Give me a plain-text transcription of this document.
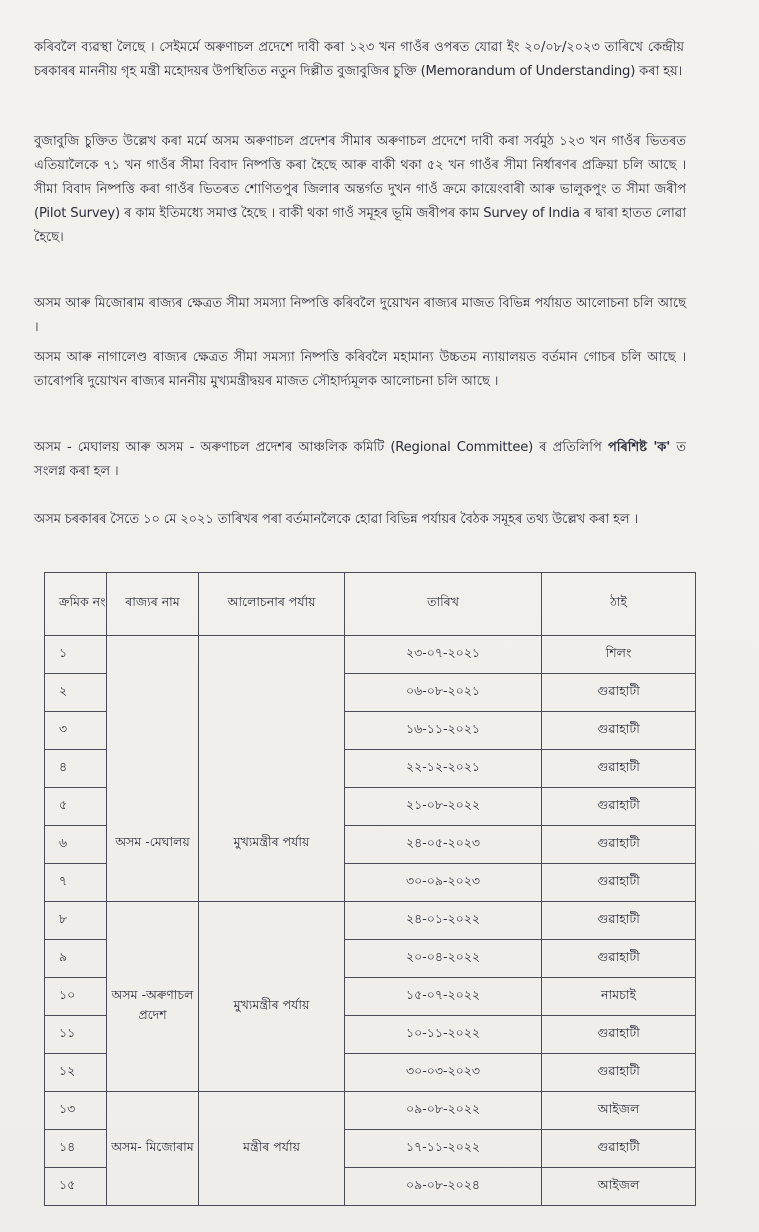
কৰিবলৈ ব্যৱস্থা লৈছে । সেইমৰ্মে অৰুণাচল প্ৰদেশে দাবী কৰা ১২৩ খন গাওঁৰ ওপৰত যোৱা ইং ২০/০৮/২০২৩ তাৰিখে কেন্দ্ৰীয় চৰকাৰৰ মাননীয় গৃহ মন্ত্ৰী মহোদয়ৰ উপস্থিতিত নতুন দিল্লীত বুজাবুজিৰ চুক্তি (Memorandum of Understanding) কৰা হয়।
বুজাবুজি চুক্তিত উল্লেখ কৰা মৰ্মে অসম অৰুণাচল প্ৰদেশৰ সীমাৰ অৰুণাচল প্ৰদেশে দাবী কৰা সৰ্বমুঠ ১২৩ খন গাওঁৰ ভিতৰত এতিয়ালৈকে ৭১ খন গাওঁৰ সীমা বিবাদ নিষ্পত্তি কৰা হৈছে আৰু বাকী থকা ৫২ খন গাওঁৰ সীমা নিৰ্ধাৰণৰ প্ৰক্ৰিয়া চলি আছে । সীমা বিবাদ নিষ্পত্তি কৰা গাওঁৰ ভিতৰত শোণিতপুৰ জিলাৰ অন্তৰ্গত দুখন গাওঁ ক্ৰমে কায়েংবাৰী আৰু ভালুকপুং ত সীমা জৰীপ (Pilot Survey) ৰ কাম ইতিমধ্যে সমাপ্ত হৈছে । বাকী থকা গাওঁ সমূহৰ ভূমি জৰীপৰ কাম Survey of India ৰ দ্বাৰা হাতত লোৱা হৈছে।
অসম আৰু মিজোৰাম ৰাজ্যৰ ক্ষেত্ৰত সীমা সমস্যা নিষ্পত্তি কৰিবলৈ দুয়োখন ৰাজ্যৰ মাজত বিভিন্ন পৰ্যায়ত আলোচনা চলি আছে ।
অসম আৰু নাগালেণ্ড ৰাজ্যৰ ক্ষেত্ৰত সীমা সমস্যা নিষ্পত্তি কৰিবলৈ মহামান্য উচ্চতম ন্যায়ালয়ত বৰ্তমান গোচৰ চলি আছে । তাৰোপৰি দুয়োখন ৰাজ্যৰ মাননীয় মুখ্যমন্ত্ৰীদ্বয়ৰ মাজত সৌহাৰ্দ্যমূলক আলোচনা চলি আছে ।
অসম - মেঘালয় আৰু অসম - অৰুণাচল প্ৰদেশৰ আঞ্চলিক কমিটি (Regional Committee) ৰ প্ৰতিলিপি পৰিশিষ্ট 'ক' ত সংলগ্ন কৰা হল ।
অসম চৰকাৰৰ সৈতে ১০ মে ২০২১ তাৰিখৰ পৰা বৰ্তমানলৈকে হোৱা বিভিন্ন পৰ্যায়ৰ বৈঠক সমূহৰ তথ্য উল্লেখ কৰা হল ।
ক্ৰমিক নং	ৰাজ্যৰ নাম	আলোচনাৰ পৰ্যায়	তাৰিখ	ঠাই
১	অসম -মেঘালয়	মুখ্যমন্ত্ৰীৰ পৰ্যায়	২৩-০৭-২০২১	শিলং
২			০৬-০৮-২০২১	গুৱাহাটী
৩			১৬-১১-২০২১	গুৱাহাটী
৪			২২-১২-২০২১	গুৱাহাটী
৫			২১-০৮-২০২২	গুৱাহাটী
৬			২৪-০৫-২০২৩	গুৱাহাটী
৭			৩০-০৯-২০২৩	গুৱাহাটী
৮	অসম -অৰুণাচল প্ৰদেশ	মুখ্যমন্ত্ৰীৰ পৰ্যায়	২৪-০১-২০২২	গুৱাহাটী
৯			২০-০৪-২০২২	গুৱাহাটী
১০			১৫-০৭-২০২২	নামচাই
১১			১০-১১-২০২২	গুৱাহাটী
১২			৩০-০৩-২০২৩	গুৱাহাটী
১৩	অসম- মিজোৰাম	মন্ত্ৰীৰ পৰ্যায়	০৯-০৮-২০২২	আইজল
১৪			১৭-১১-২০২২	গুৱাহাটী
১৫			০৯-০৮-২০২৪	আইজল
